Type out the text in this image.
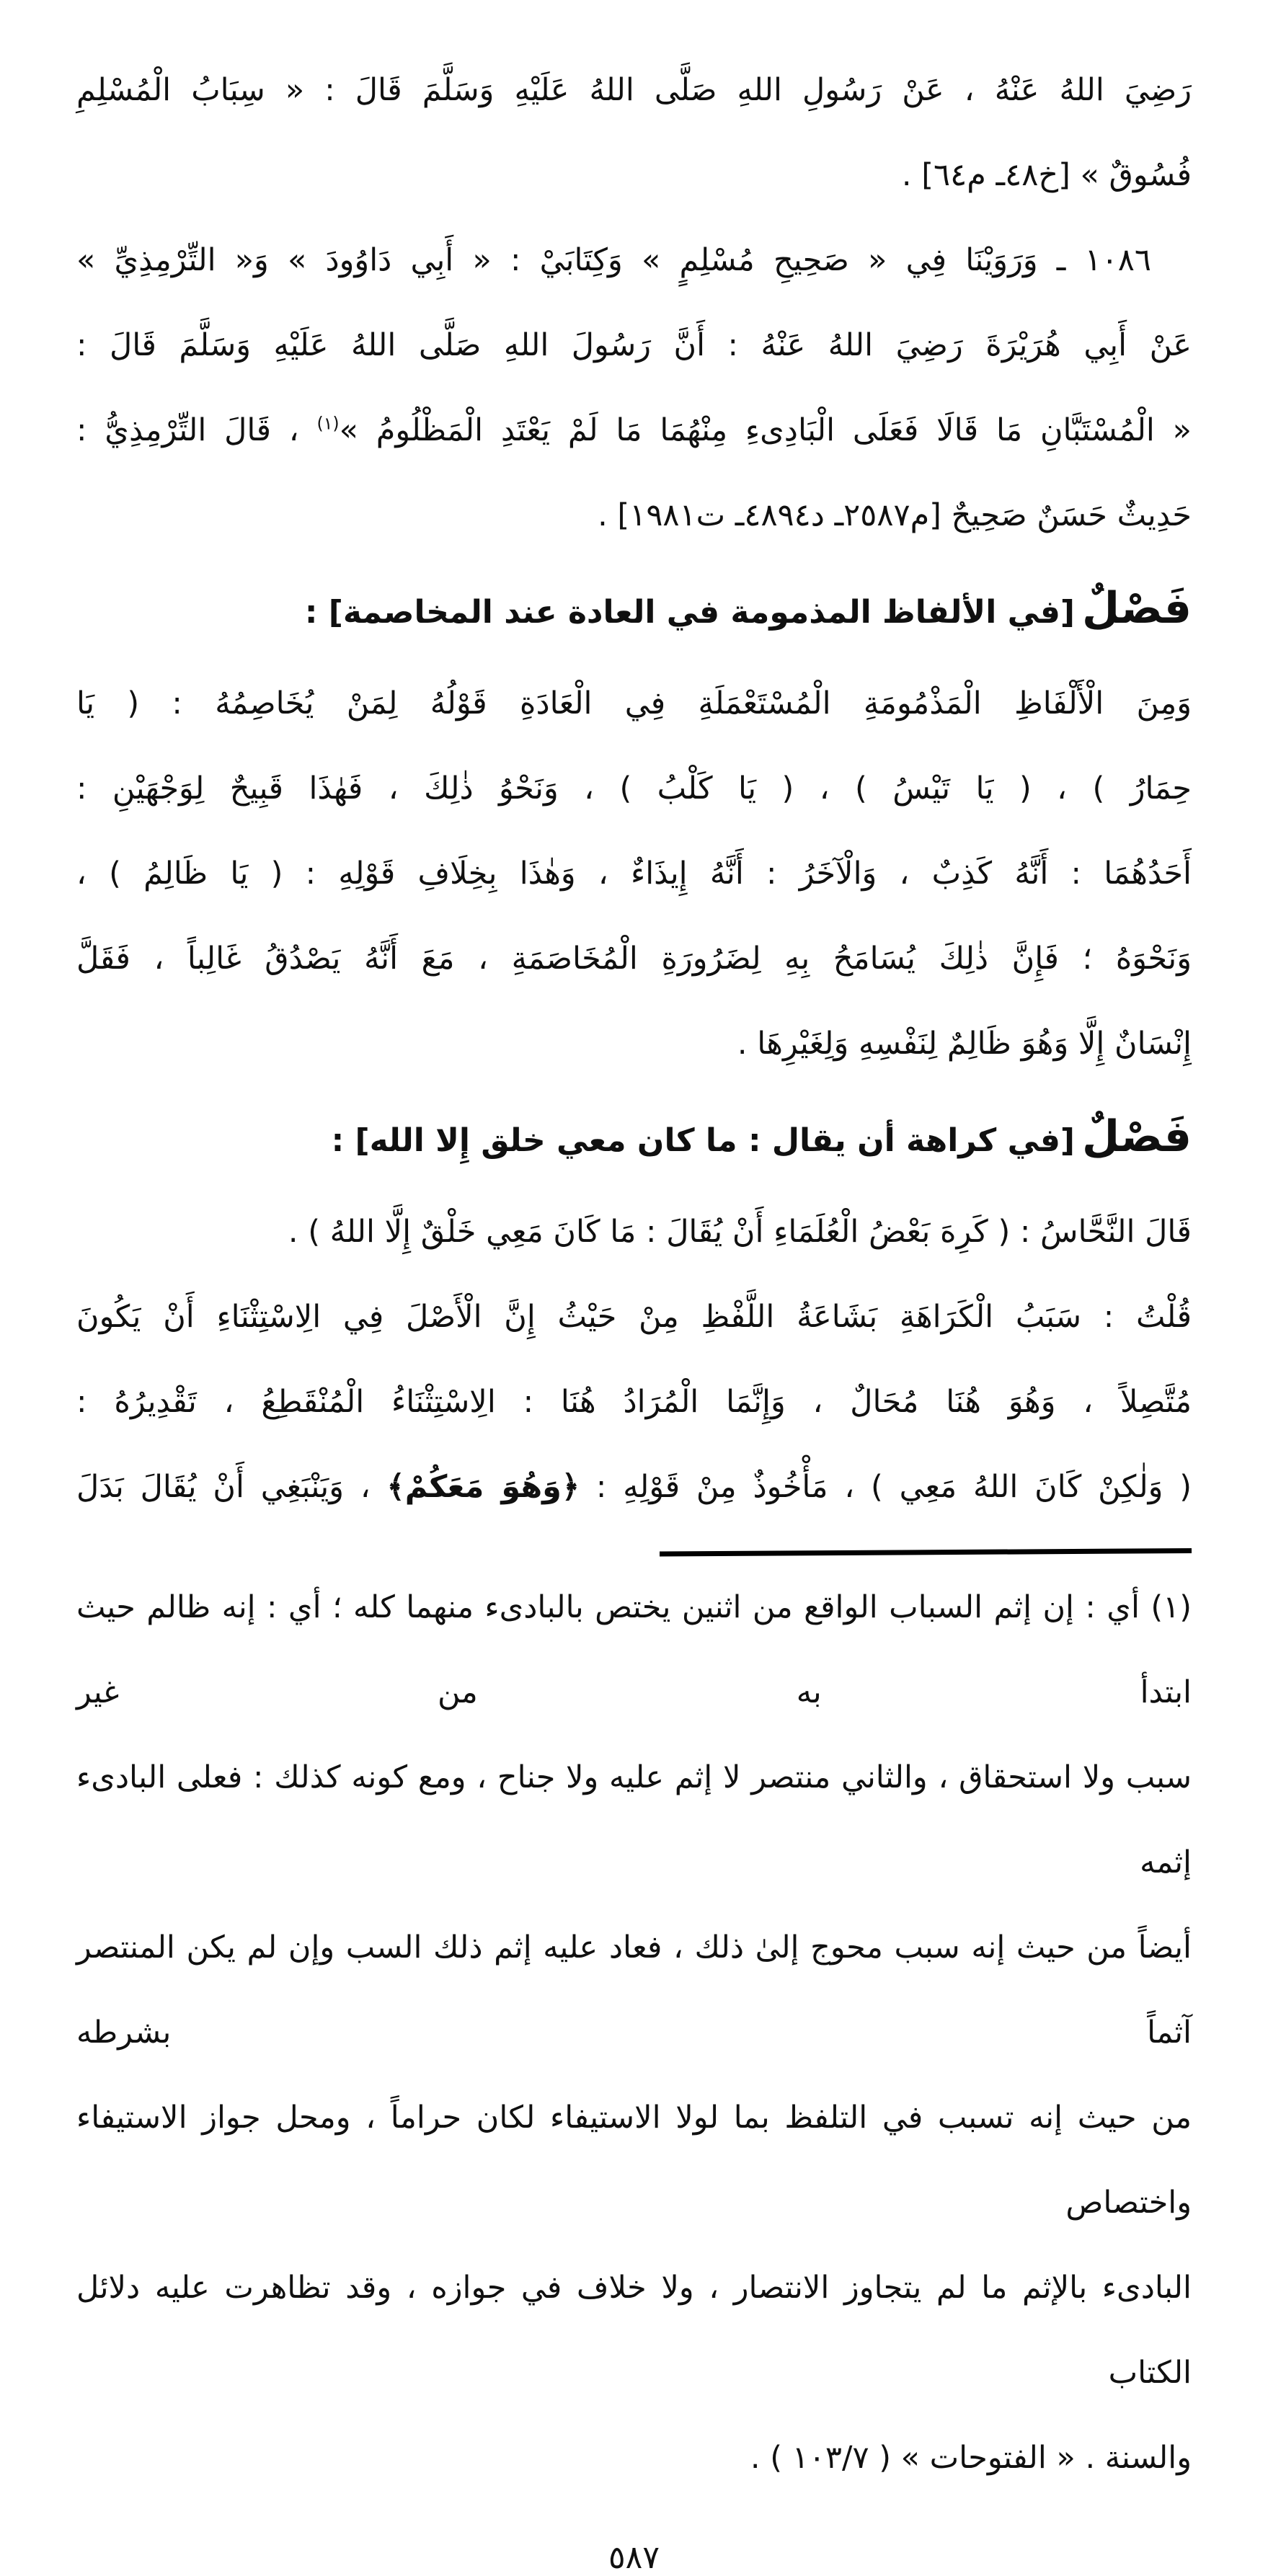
رَضِيَ اللهُ عَنْهُ ، عَنْ رَسُولِ اللهِ صَلَّى اللهُ عَلَيْهِ وَسَلَّمَ قَالَ : « سِبَابُ الْمُسْلِمِ
فُسُوقٌ » [خ٤٨ـ م٦٤] .
١٠٨٦ ـ وَرَوَيْنَا فِي « صَحِيحِ مُسْلِمٍ » وَكِتَابَيْ : « أَبِي دَاوُودَ » وَ« التِّرْمِذِيِّ »
عَنْ أَبِي هُرَيْرَةَ رَضِيَ اللهُ عَنْهُ : أَنَّ رَسُولَ اللهِ صَلَّى اللهُ عَلَيْهِ وَسَلَّمَ قَالَ :
« الْمُسْتَبَّانِ مَا قَالَا فَعَلَى الْبَادِىءِ مِنْهُمَا مَا لَمْ يَعْتَدِ الْمَظْلُومُ »$^{(١)}$ ، قَالَ التِّرْمِذِيُّ :
حَدِيثٌ حَسَنٌ صَحِيحٌ [م٢٥٨٧ـ د٤٨٩٤ـ ت١٩٨١] .
فَصْلٌ[في الألفاظ المذمومة في العادة عند المخاصمة] :
وَمِنَ الْأَلْفَاظِ الْمَذْمُومَةِ الْمُسْتَعْمَلَةِ فِي الْعَادَةِ قَوْلُهُ لِمَنْ يُخَاصِمُهُ : ( يَا
حِمَارُ ) ، ( يَا تَيْسُ ) ، ( يَا كَلْبُ ) ، وَنَحْوُ ذٰلِكَ ، فَهٰذَا قَبِيحٌ لِوَجْهَيْنِ :
أَحَدُهُمَا : أَنَّهُ كَذِبٌ ، وَالْآخَرُ : أَنَّهُ إِيذَاءٌ ، وَهٰذَا بِخِلَافِ قَوْلِهِ : ( يَا ظَالِمُ ) ،
وَنَحْوَهُ ؛ فَإِنَّ ذٰلِكَ يُسَامَحُ بِهِ لِضَرُورَةِ الْمُخَاصَمَةِ ، مَعَ أَنَّهُ يَصْدُقُ غَالِباً ، فَقَلَّ
إِنْسَانٌ إِلَّا وَهُوَ ظَالِمٌ لِنَفْسِهِ وَلِغَيْرِهَا .
فَصْلٌ[في كراهة أن يقال : ما كان معي خلق إِلا الله] :
قَالَ النَّحَّاسُ : ( كَرِهَ بَعْضُ الْعُلَمَاءِ أَنْ يُقَالَ : مَا كَانَ مَعِي خَلْقٌ إِلَّا اللهُ ) .
قُلْتُ : سَبَبُ الْكَرَاهَةِ بَشَاعَةُ اللَّفْظِ مِنْ حَيْثُ إِنَّ الْأَصْلَ فِي الِاسْتِثْنَاءِ أَنْ يَكُونَ
مُتَّصِلاً ، وَهُوَ هُنَا مُحَالٌ ، وَإِنَّمَا الْمُرَادُ هُنَا : الِاسْتِثْنَاءُ الْمُنْقَطِعُ ، تَقْدِيرُهُ :
( وَلٰكِنْ كَانَ اللهُ مَعِي ) ، مَأْخُوذٌ مِنْ قَوْلِهِ : ﴿وَهُوَ مَعَكُمْ﴾ ، وَيَنْبَغِي أَنْ يُقَالَ بَدَلَ
(١) أي : إن إثم السباب الواقع من اثنين يختص بالبادىء منهما كله ؛ أي : إنه ظالم حيث ابتدأ به من غير
سبب ولا استحقاق ، والثاني منتصر لا إثم عليه ولا جناح ، ومع كونه كذلك : فعلى البادىء إثمه
أيضاً من حيث إنه سبب محوج إلىٰ ذلك ، فعاد عليه إثم ذلك السب وإن لم يكن المنتصر آثماً بشرطه
من حيث إنه تسبب في التلفظ بما لولا الاستيفاء لكان حراماً ، ومحل جواز الاستيفاء واختصاص
البادىء بالإثم ما لم يتجاوز الانتصار ، ولا خلاف في جوازه ، وقد تظاهرت عليه دلائل الكتاب
والسنة . « الفتوحات » ( ١٠٣/٧ ) .
٥٨٧
